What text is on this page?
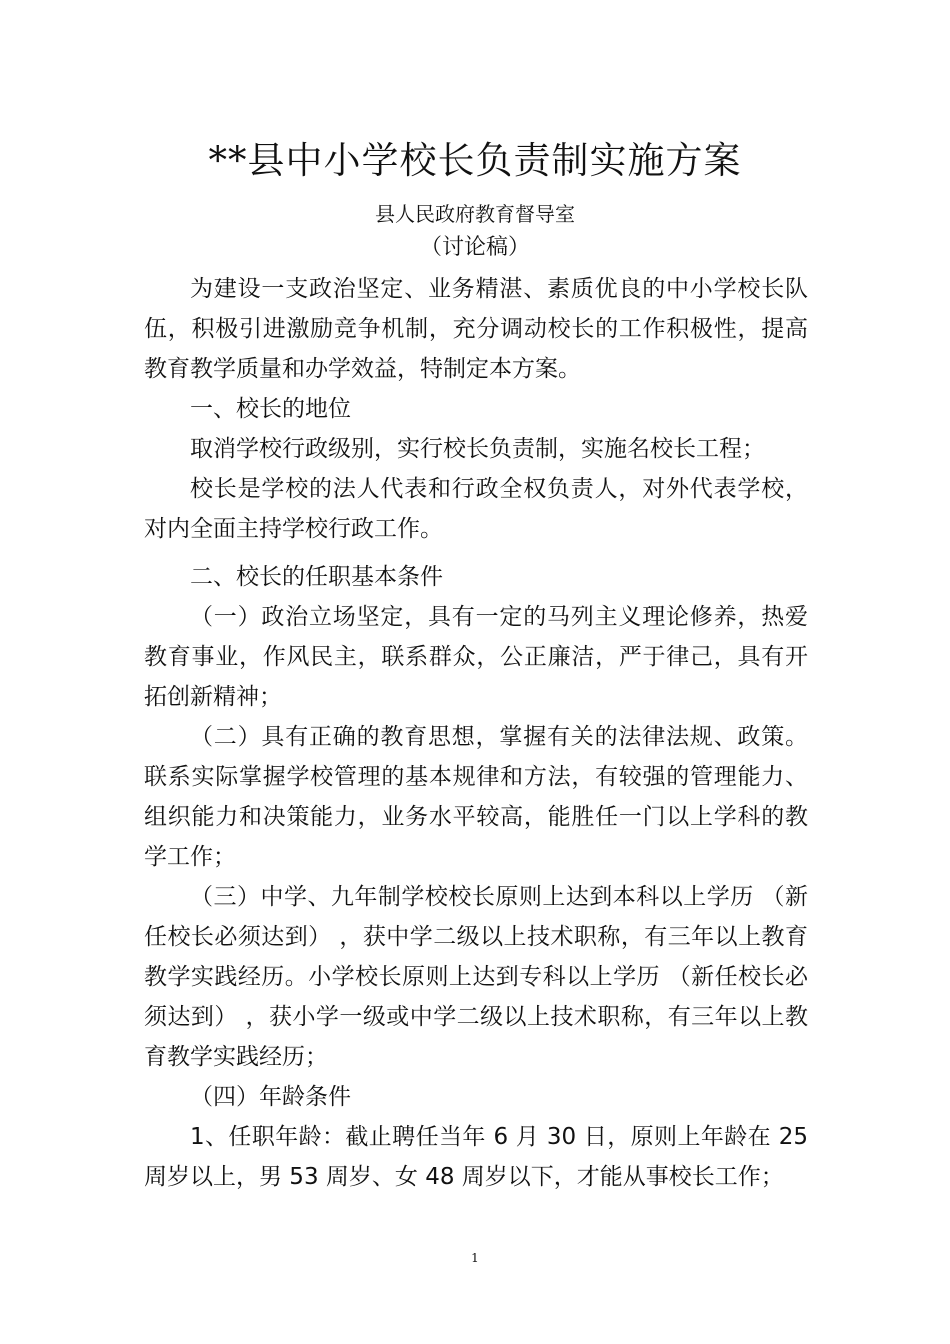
**县中小学校长负责制实施方案
县人民政府教育督导室
（讨论稿）

为建设一支政治坚定、业务精湛、素质优良的中小学校长队伍，积极引进激励竞争机制，充分调动校长的工作积极性，提高教育教学质量和办学效益，特制定本方案。

一、校长的地位

取消学校行政级别，实行校长负责制，实施名校长工程；

校长是学校的法人代表和行政全权负责人，对外代表学校，对内全面主持学校行政工作。

二、校长的任职基本条件

（一）政治立场坚定，具有一定的马列主义理论修养，热爱教育事业，作风民主，联系群众，公正廉洁，严于律己，具有开拓创新精神；

（二）具有正确的教育思想，掌握有关的法律法规、政策。联系实际掌握学校管理的基本规律和方法，有较强的管理能力、组织能力和决策能力，业务水平较高，能胜任一门以上学科的教学工作；

（三）中学、九年制学校校长原则上达到本科以上学历 （新任校长必须达到） ，获中学二级以上技术职称，有三年以上教育教学实践经历。小学校长原则上达到专科以上学历 （新任校长必须达到） ，获小学一级或中学二级以上技术职称，有三年以上教育教学实践经历；

（四）年龄条件

1、任职年龄：截止聘任当年 6 月 30 日，原则上年龄在 25 周岁以上，男 53 周岁、女 48 周岁以下，才能从事校长工作；

1
